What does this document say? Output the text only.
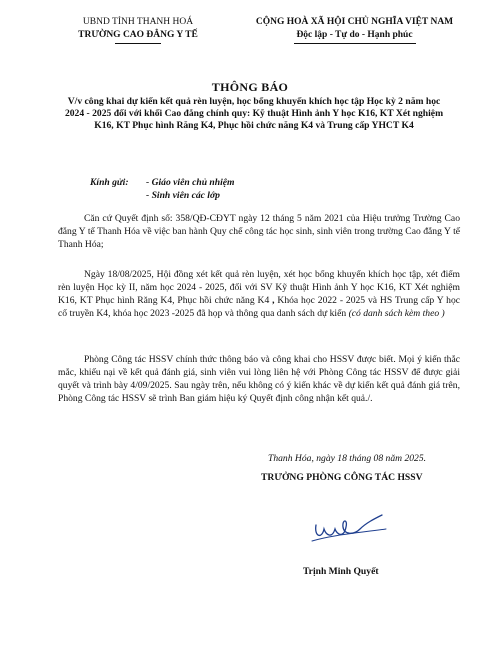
UBND TỈNH THANH HOÁ
TRƯỜNG CAO ĐẲNG Y TẾ
CỘNG HOÀ XÃ HỘI CHỦ NGHĨA VIỆT NAM
Độc lập - Tự do - Hạnh phúc
THÔNG BÁO
V/v công khai dự kiến kết quả rèn luyện, học bổng khuyến khích học tập Học kỳ 2 năm học 2024 - 2025 đối với khối Cao đẳng chính quy: Kỹ thuật Hình ảnh Y học K16, KT Xét nghiệm K16, KT Phục hình Răng K4, Phục hồi chức năng K4 và Trung cấp YHCT K4
Kính gửi: - Giáo viên chủ nhiệm
- Sinh viên các lớp
Căn cứ Quyết định số: 358/QĐ-CĐYT ngày 12 tháng 5 năm 2021 của Hiệu trưởng Trường Cao đẳng Y tế Thanh Hóa về việc ban hành Quy chế công tác học sinh, sinh viên trong trường Cao đẳng Y tế Thanh Hóa;
Ngày 18/08/2025, Hội đồng xét kết quả rèn luyện, xét học bổng khuyến khích học tập, xét điểm rèn luyện Học kỳ II, năm học 2024 - 2025, đối với SV Kỹ thuật Hình ảnh Y học K16, KT Xét nghiệm K16, KT Phục hình Răng K4, Phục hồi chức năng K4 , Khóa học 2022 - 2025 và HS Trung cấp Y học cổ truyền K4, khóa học 2023 -2025 đã họp và thông qua danh sách dự kiến (có danh sách kèm theo )
Phòng Công tác HSSV chính thức thông báo và công khai cho HSSV được biết. Mọi ý kiến thắc mắc, khiếu nại về kết quả đánh giá, sinh viên vui lòng liên hệ với Phòng Công tác HSSV để được giải quyết và trình bày 4/09/2025. Sau ngày trên, nếu không có ý kiến khác về dự kiến kết quả đánh giá trên, Phòng Công tác HSSV sẽ trình Ban giám hiệu ký Quyết định công nhận kết quả./.
Thanh Hóa, ngày 18 tháng 08 năm 2025.
TRƯỞNG PHÒNG CÔNG TÁC HSSV
Trịnh Minh Quyết
